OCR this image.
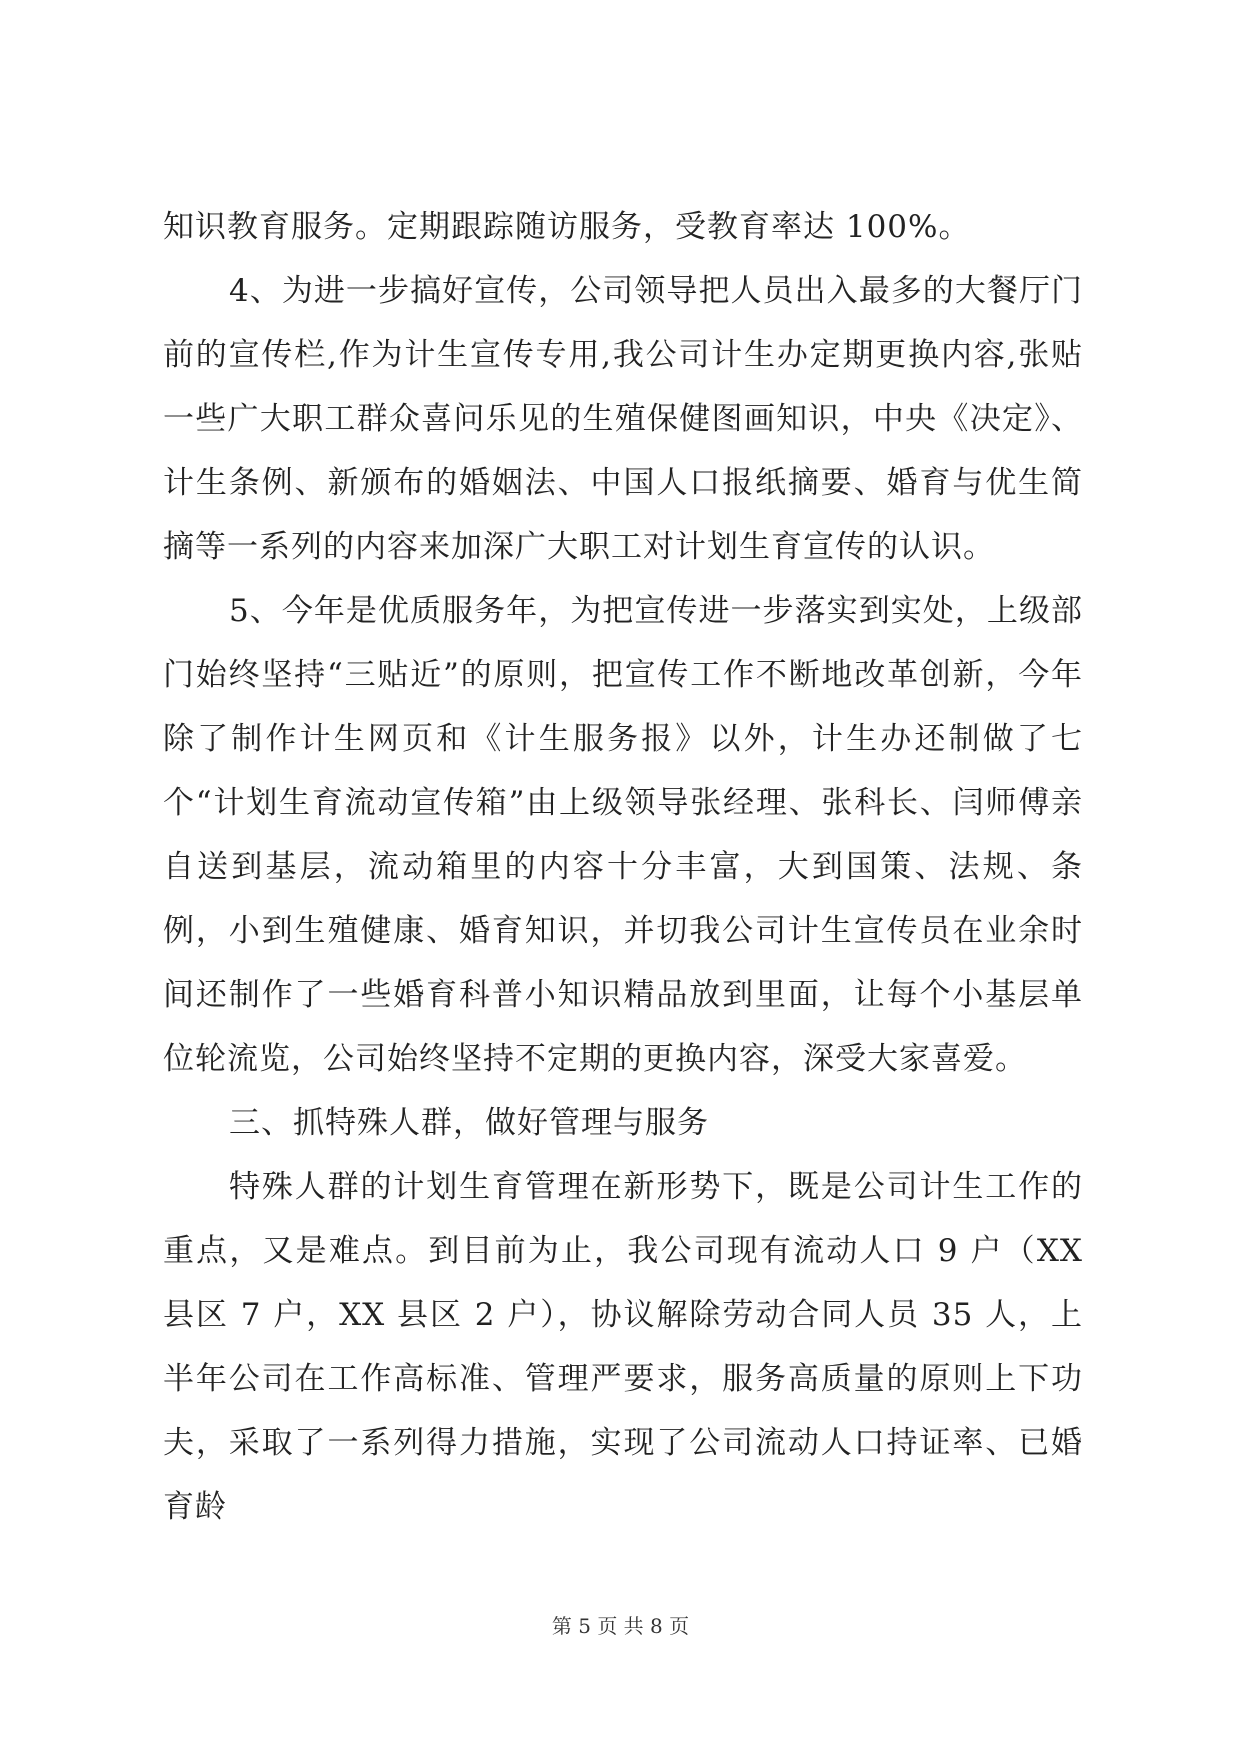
知识教育服务。定期跟踪随访服务，受教育率达 100%。

4、为进一步搞好宣传，公司领导把人员出入最多的大餐厅门前的宣传栏,作为计生宣传专用,我公司计生办定期更换内容,张贴一些广大职工群众喜问乐见的生殖保健图画知识，中央《决定》、计生条例、新颁布的婚姻法、中国人口报纸摘要、婚育与优生简摘等一系列的内容来加深广大职工对计划生育宣传的认识。

5、今年是优质服务年，为把宣传进一步落实到实处，上级部门始终坚持“三贴近”的原则，把宣传工作不断地改革创新，今年除了制作计生网页和《计生服务报》以外，计生办还制做了七个“计划生育流动宣传箱”由上级领导张经理、张科长、闫师傅亲自送到基层，流动箱里的内容十分丰富，大到国策、法规、条例，小到生殖健康、婚育知识，并切我公司计生宣传员在业余时间还制作了一些婚育科普小知识精品放到里面，让每个小基层单位轮流览，公司始终坚持不定期的更换内容，深受大家喜爱。

三、抓特殊人群，做好管理与服务

特殊人群的计划生育管理在新形势下，既是公司计生工作的重点，又是难点。到目前为止，我公司现有流动人口 9 户（XX 县区 7 户，XX 县区 2 户），协议解除劳动合同人员 35 人，上半年公司在工作高标准、管理严要求，服务高质量的原则上下功夫，采取了一系列得力措施，实现了公司流动人口持证率、已婚育龄

第 5 页 共 8 页
